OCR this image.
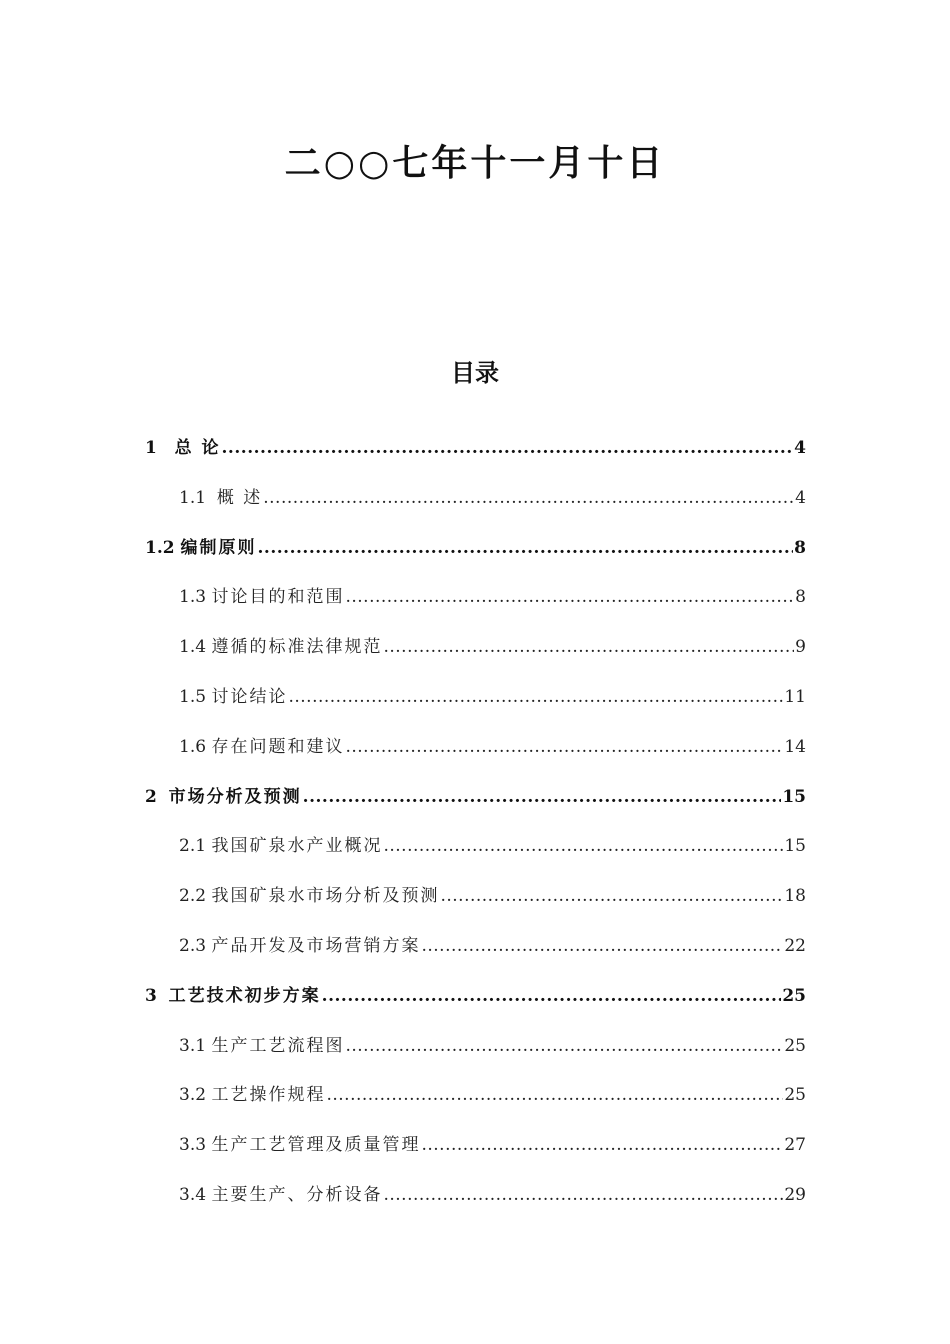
二○○七年十一月十日
目录
1 总 论 .....	4
1.1 概 述 .....	4
1.2 编制原则 .....	8
1.3 讨论目的和范围 .....	8
1.4 遵循的标准法律规范 .....	9
1.5 讨论结论 .....	11
1.6 存在问题和建议 .....	14
2 市场分析及预测 .....	15
2.1 我国矿泉水产业概况 .....	15
2.2 我国矿泉水市场分析及预测 .....	18
2.3 产品开发及市场营销方案 .....	22
3 工艺技术初步方案 .....	25
3.1 生产工艺流程图 .....	25
3.2 工艺操作规程 .....	25
3.3 生产工艺管理及质量管理 .....	27
3.4 主要生产、分析设备 .....	29
